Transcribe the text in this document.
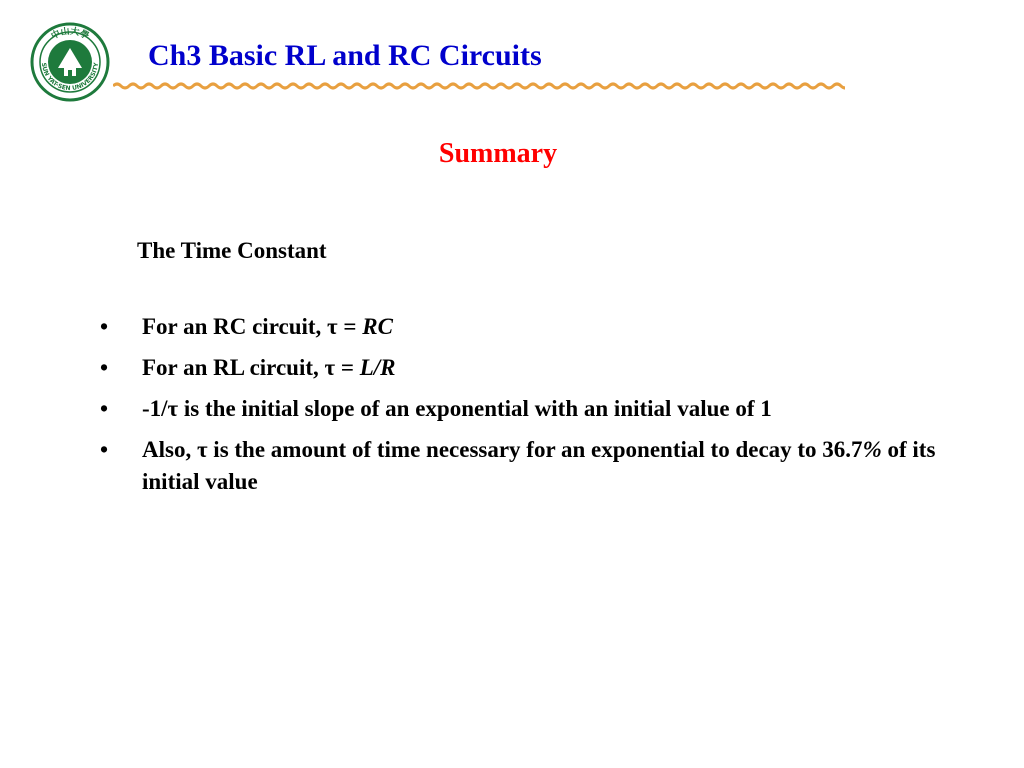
中山大學
SUN YAT-SEN UNIVERSITY Ch3 Basic RL and RC Circuits
Summary
The Time Constant
• For an RC circuit, τ = RC
• For an RL circuit, τ = L/R
• -1/τ is the initial slope of an exponential with an initial value of 1
• Also, τ is the amount of time necessary for an exponential to decay to 36.7% of its initial value
